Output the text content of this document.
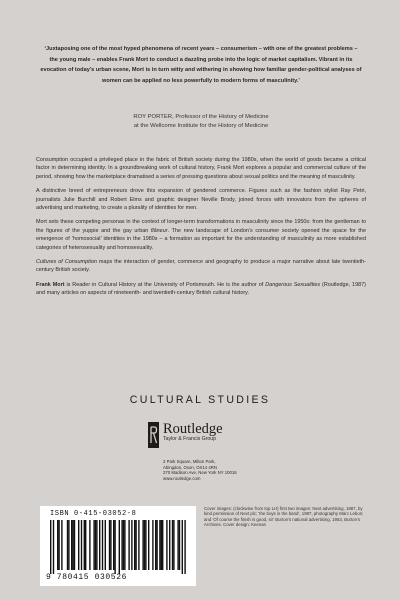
‘Juxtaposing one of the most hyped phenomena of recent years – consumerism – with one of the greatest problems – the young male – enables Frank Mort to conduct a dazzling probe into the logic of market capitalism. Vibrant in its evocation of today’s urban scene, Mort is in turn witty and withering in showing how familiar gender-political analyses of women can be applied no less powerfully to modern forms of masculinity.’
ROY PORTER, Professor of the History of Medicine
at the Wellcome Institute for the History of Medicine

Consumption occupied a privileged place in the fabric of British society during the 1980s, when the world of goods became a critical factor in determining identity. In a groundbreaking work of cultural history, Frank Mort explores a popular and commercial culture of the period, showing how the marketplace dramatised a series of pressing questions about sexual politics and the meaning of masculinity.

A distinctive breed of entrepreneurs drove this expansion of gendered commerce. Figures such as the fashion stylist Ray Petri, journalists Julie Burchill and Robert Elms and graphic designer Neville Brody, joined forces with innovators from the spheres of advertising and marketing, to create a plurality of identities for men.

Mort sets these competing personas in the context of longer-term transformations in masculinity since the 1950s: from the gentleman to the figures of the yuppie and the gay urban flâneur. The new landscape of London’s consumer society opened the space for the emergence of ‘homosocial’ identities in the 1980s – a formation as important for the understanding of masculinity as more established categories of heterosexuality and homosexuality.

Cultures of Consumption maps the interaction of gender, commerce and geography to produce a major narrative about late twentieth-century British society.

Frank Mort is Reader in Cultural History at the University of Portsmouth. He is the author of Dangerous Sexualities (Routledge, 1987) and many articles on aspects of nineteenth- and twentieth-century British cultural history.

CULTURAL STUDIES
Routledge
Taylor & Francis Group
2 Park Square, Milton Park,
Abingdon, Oxon, OX14 4RN
270 Madison Ave, New York NY 10016
www.routledge.com
ISBN 0-415-03052-8
9 780415 030526
Cover images: (clockwise from top LH) first two images: Next advertising, 1987, by kind permission of Next plc; ‘the boys in the band’, 1987, photography Marc Lebon; and ‘Of course the finish is good, sir’ Burton’s national advertising, 1953, Burton’s Archives. Cover design: Keenan
